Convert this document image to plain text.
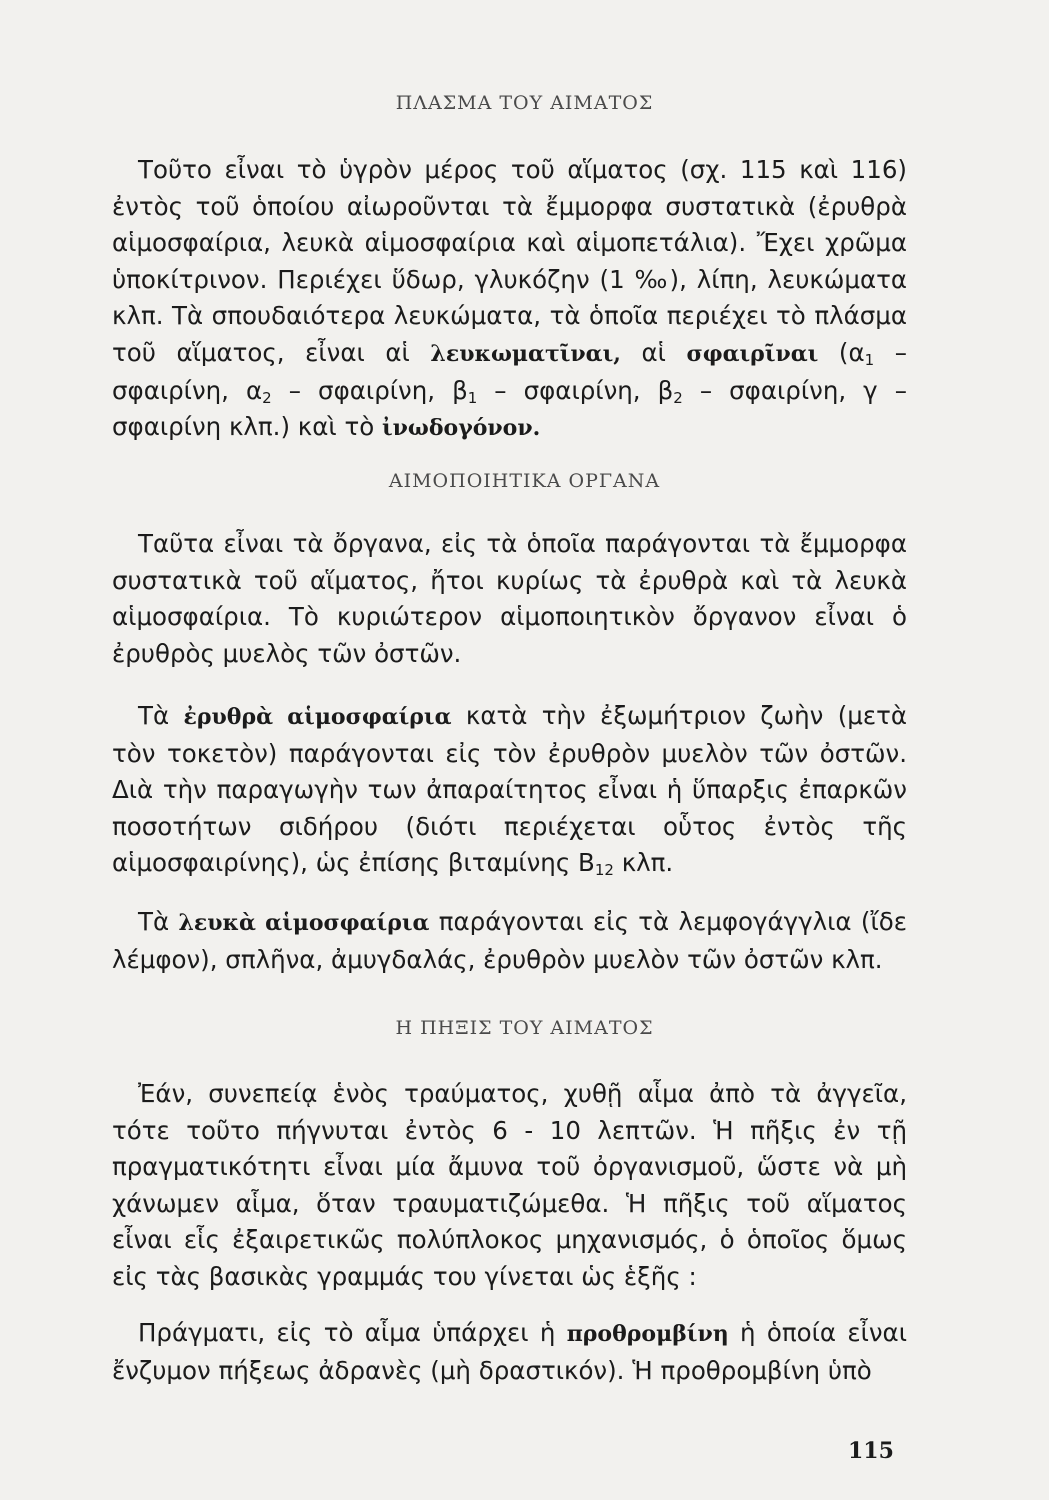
ΠΛΑΣΜΑ ΤΟΥ ΑΙΜΑΤΟΣ

Τοῦτο εἶναι τὸ ὑγρὸν μέρος τοῦ αἵματος (σχ. 115 καὶ 116) ἐντὸς τοῦ ὁποίου αἰωροῦνται τὰ ἔμμορφα συστατικὰ (ἐρυθρὰ αἱμοσφαίρια, λευκὰ αἱμοσφαίρια καὶ αἱμοπετάλια). Ἔχει χρῶμα ὑποκίτρινον. Περιέχει ὕδωρ, γλυκόζην (1 ‰), λίπη, λευκώματα κλπ. Τὰ σπουδαιότερα λευκώματα, τὰ ὁποῖα περιέχει τὸ πλάσμα τοῦ αἵματος, εἶναι αἱ λευκωματῖναι, αἱ σφαιρῖναι ($\alpha_1$ – σφαιρίνη, $\alpha_2$ – σφαιρίνη, $\beta_1$ – σφαιρίνη, $\beta_2$ – σφαιρίνη, γ – σφαιρίνη κλπ.) καὶ τὸ ἰνωδογόνον.

ΑΙΜΟΠΟΙΗΤΙΚΑ ΟΡΓΑΝΑ

Ταῦτα εἶναι τὰ ὄργανα, εἰς τὰ ὁποῖα παράγονται τὰ ἔμμορφα συστατικὰ τοῦ αἵματος, ἤτοι κυρίως τὰ ἐρυθρὰ καὶ τὰ λευκὰ αἱμοσφαίρια. Τὸ κυριώτερον αἱμοποιητικὸν ὄργανον εἶναι ὁ ἐρυθρὸς μυελὸς τῶν ὀστῶν.

Τὰ ἐρυθρὰ αἱμοσφαίρια κατὰ τὴν ἐξωμήτριον ζωὴν (μετὰ τὸν τοκετὸν) παράγονται εἰς τὸν ἐρυθρὸν μυελὸν τῶν ὀστῶν. Διὰ τὴν παραγωγὴν των ἀπαραίτητος εἶναι ἡ ὕπαρξις ἐπαρκῶν ποσοτήτων σιδήρου (διότι περιέχεται οὗτος ἐντὸς τῆς αἱμοσφαιρίνης), ὡς ἐπίσης βιταμίνης $B_{12}$ κλπ.

Τὰ λευκὰ αἱμοσφαίρια παράγονται εἰς τὰ λεμφογάγγλια (ἴδε λέμφον), σπλῆνα, ἀμυγδαλάς, ἐρυθρὸν μυελὸν τῶν ὀστῶν κλπ.

Η ΠΗΞΙΣ ΤΟΥ ΑΙΜΑΤΟΣ

Ἐάν, συνεπείᾳ ἑνὸς τραύματος, χυθῇ αἷμα ἀπὸ τὰ ἀγγεῖα, τότε τοῦτο πήγνυται ἐντὸς 6 - 10 λεπτῶν. Ἡ πῆξις ἐν τῇ πραγματικότητι εἶναι μία ἄμυνα τοῦ ὀργανισμοῦ, ὥστε νὰ μὴ χάνωμεν αἷμα, ὅταν τραυματιζώμεθα. Ἡ πῆξις τοῦ αἵματος εἶναι εἷς ἐξαιρετικῶς πολύπλοκος μηχανισμός, ὁ ὁποῖος ὅμως εἰς τὰς βασικὰς γραμμάς του γίνεται ὡς ἑξῆς :

Πράγματι, εἰς τὸ αἷμα ὑπάρχει ἡ προθρομβίνη ἡ ὁποία εἶναι ἔνζυμον πήξεως ἀδρανὲς (μὴ δραστικόν). Ἡ προθρομβίνη ὑπὸ

115
